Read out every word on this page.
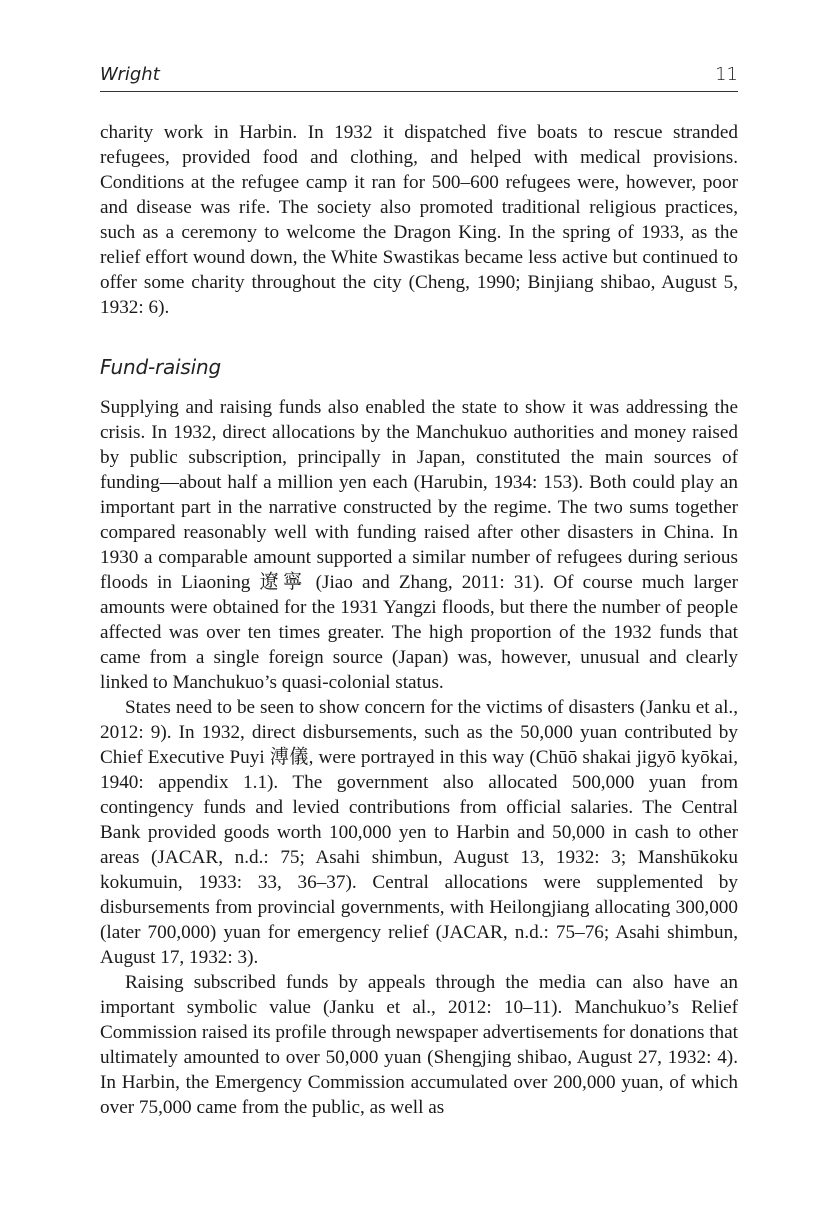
Wright	11

charity work in Harbin. In 1932 it dispatched five boats to rescue stranded refugees, provided food and clothing, and helped with medical provisions. Conditions at the refugee camp it ran for 500–600 refugees were, however, poor and disease was rife. The society also promoted traditional religious practices, such as a ceremony to welcome the Dragon King. In the spring of 1933, as the relief effort wound down, the White Swastikas became less active but continued to offer some charity throughout the city (Cheng, 1990; Binjiang shibao, August 5, 1932: 6).

Fund-raising

Supplying and raising funds also enabled the state to show it was addressing the crisis. In 1932, direct allocations by the Manchukuo authorities and money raised by public subscription, principally in Japan, constituted the main sources of funding—about half a million yen each (Harubin, 1934: 153). Both could play an important part in the narrative constructed by the regime. The two sums together compared reasonably well with funding raised after other disasters in China. In 1930 a comparable amount supported a similar number of refugees during serious floods in Liaoning 遼寧 (Jiao and Zhang, 2011: 31). Of course much larger amounts were obtained for the 1931 Yangzi floods, but there the number of people affected was over ten times greater. The high proportion of the 1932 funds that came from a single foreign source (Japan) was, however, unusual and clearly linked to Manchukuo’s quasi-colonial status.

States need to be seen to show concern for the victims of disasters (Janku et al., 2012: 9). In 1932, direct disbursements, such as the 50,000 yuan contributed by Chief Executive Puyi 溥儀, were portrayed in this way (Chūō shakai jigyō kyōkai, 1940: appendix 1.1). The government also allocated 500,000 yuan from contingency funds and levied contributions from official salaries. The Central Bank provided goods worth 100,000 yen to Harbin and 50,000 in cash to other areas (JACAR, n.d.: 75; Asahi shimbun, August 13, 1932: 3; Manshūkoku kokumuin, 1933: 33, 36–37). Central allocations were supplemented by disbursements from provincial governments, with Heilongjiang allocating 300,000 (later 700,000) yuan for emergency relief (JACAR, n.d.: 75–76; Asahi shimbun, August 17, 1932: 3).

Raising subscribed funds by appeals through the media can also have an important symbolic value (Janku et al., 2012: 10–11). Manchukuo’s Relief Commission raised its profile through newspaper advertisements for donations that ultimately amounted to over 50,000 yuan (Shengjing shibao, August 27, 1932: 4). In Harbin, the Emergency Commission accumulated over 200,000 yuan, of which over 75,000 came from the public, as well as
